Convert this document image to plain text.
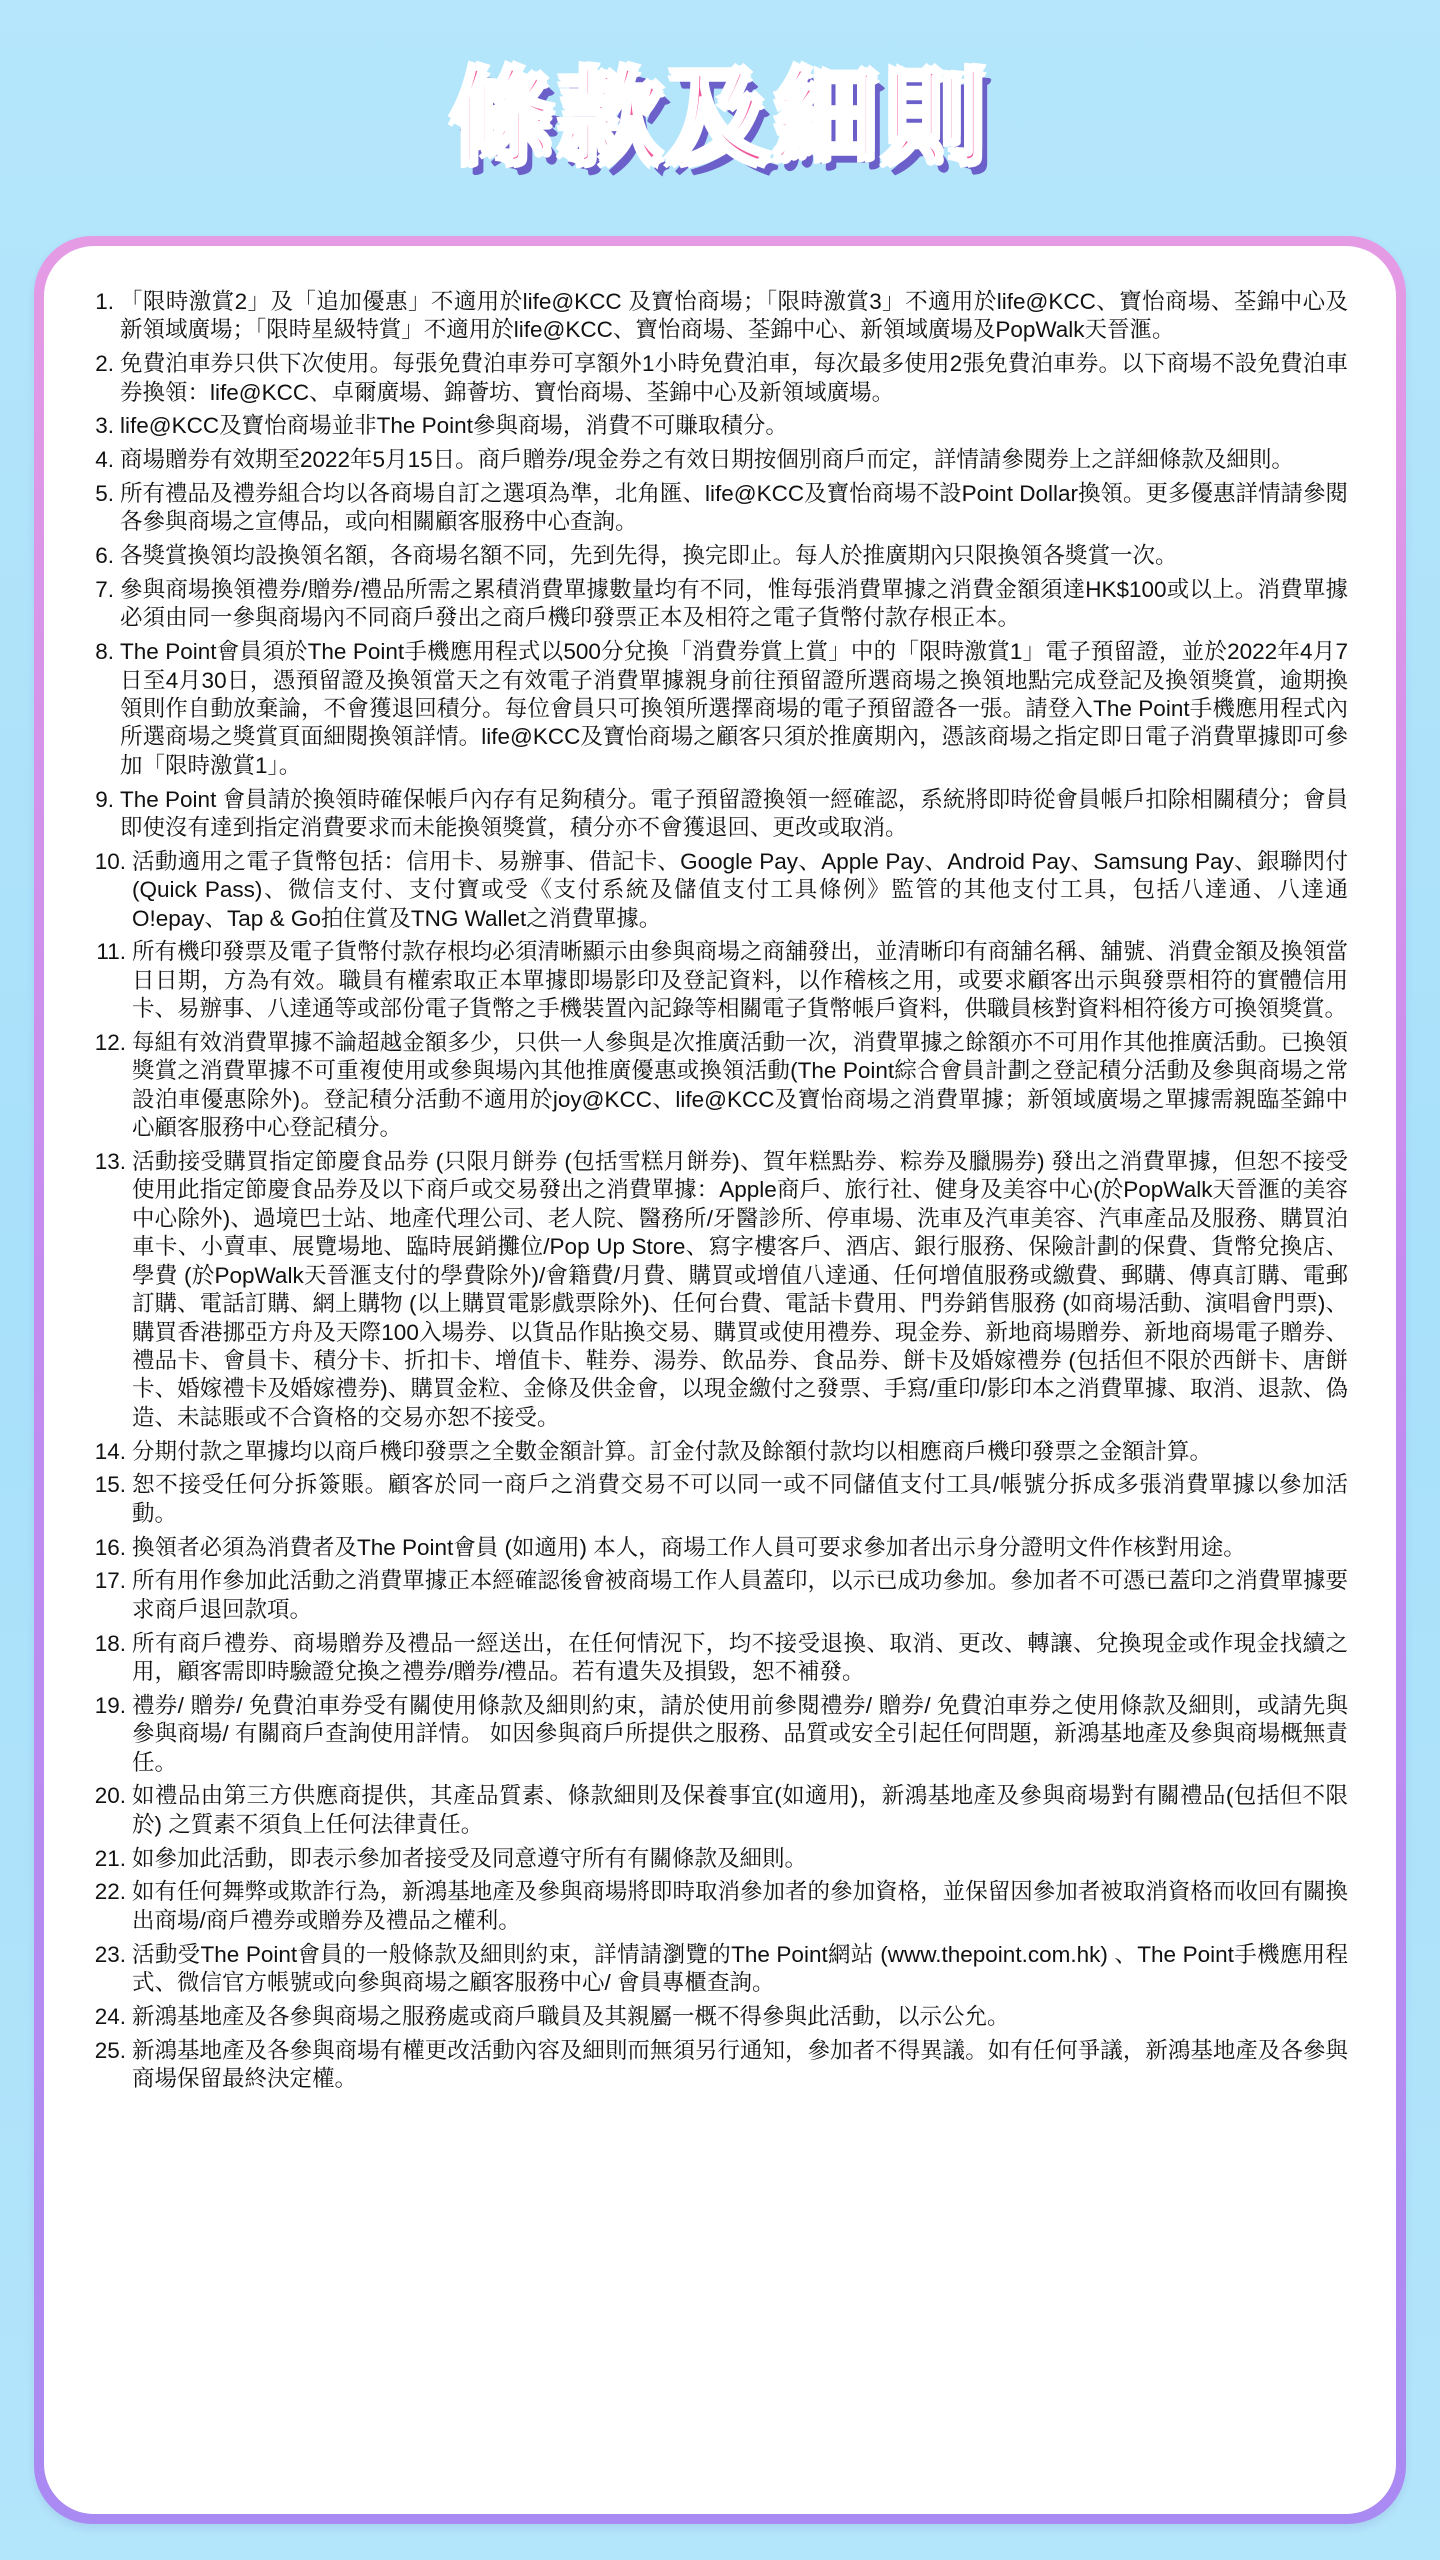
條款及細則
1. 「限時激賞2」及「追加優惠」不適用於life@KCC 及寶怡商場；「限時激賞3」不適用於life@KCC、寶怡商場、荃錦中心及新領域廣場；「限時星級特賞」不適用於life@KCC、寶怡商場、荃錦中心、新領域廣場及PopWalk天晉滙。
2. 免費泊車券只供下次使用。每張免費泊車券可享額外1小時免費泊車，每次最多使用2張免費泊車券。以下商場不設免費泊車券換領：life@KCC、卓爾廣場、錦薈坊、寶怡商場、荃錦中心及新領域廣場。
3. life@KCC及寶怡商場並非The Point參與商場，消費不可賺取積分。
4. 商場贈券有效期至2022年5月15日。商戶贈券/現金券之有效日期按個別商戶而定，詳情請參閱券上之詳細條款及細則。
5. 所有禮品及禮券組合均以各商場自訂之選項為準，北角匯、life@KCC及寶怡商場不設Point Dollar換領。更多優惠詳情請參閱各參與商場之宣傳品，或向相關顧客服務中心查詢。
6. 各獎賞換領均設換領名額，各商場名額不同，先到先得，換完即止。每人於推廣期內只限換領各獎賞一次。
7. 參與商場換領禮券/贈券/禮品所需之累積消費單據數量均有不同，惟每張消費單據之消費金額須達HK$100或以上。消費單據必須由同一參與商場內不同商戶發出之商戶機印發票正本及相符之電子貨幣付款存根正本。
8. The Point會員須於The Point手機應用程式以500分兌換「消費券賞上賞」中的「限時激賞1」電子預留證，並於2022年4月7日至4月30日，憑預留證及換領當天之有效電子消費單據親身前往預留證所選商場之換領地點完成登記及換領獎賞，逾期換領則作自動放棄論，不會獲退回積分。每位會員只可換領所選擇商場的電子預留證各一張。請登入The Point手機應用程式內所選商場之獎賞頁面細閱換領詳情。life@KCC及寶怡商場之顧客只須於推廣期內，憑該商場之指定即日電子消費單據即可參加「限時激賞1」。
9. The Point 會員請於換領時確保帳戶內存有足夠積分。電子預留證換領一經確認，系統將即時從會員帳戶扣除相關積分；會員即使沒有達到指定消費要求而未能換領獎賞，積分亦不會獲退回、更改或取消。
10. 活動適用之電子貨幣包括：信用卡、易辦事、借記卡、Google Pay、Apple Pay、Android Pay、Samsung Pay、銀聯閃付(Quick Pass)、微信支付、支付寶或受《支付系統及儲值支付工具條例》監管的其他支付工具，包括八達通、八達通O!epay、Tap & Go拍住賞及TNG Wallet之消費單據。
11. 所有機印發票及電子貨幣付款存根均必須清晰顯示由參與商場之商舖發出，並清晰印有商舖名稱、舖號、消費金額及換領當日日期，方為有效。職員有權索取正本單據即場影印及登記資料，以作稽核之用，或要求顧客出示與發票相符的實體信用卡、易辦事、八達通等或部份電子貨幣之手機裝置內記錄等相關電子貨幣帳戶資料，供職員核對資料相符後方可換領獎賞。
12. 每組有效消費單據不論超越金額多少，只供一人參與是次推廣活動一次，消費單據之餘額亦不可用作其他推廣活動。已換領獎賞之消費單據不可重複使用或參與場內其他推廣優惠或換領活動(The Point綜合會員計劃之登記積分活動及參與商場之常設泊車優惠除外)。登記積分活動不適用於joy@KCC、life@KCC及寶怡商場之消費單據；新領域廣場之單據需親臨荃錦中心顧客服務中心登記積分。
13. 活動接受購買指定節慶食品券 (只限月餅券 (包括雪糕月餅券)、賀年糕點券、粽券及臘腸券) 發出之消費單據，但恕不接受使用此指定節慶食品券及以下商戶或交易發出之消費單據：Apple商戶、旅行社、健身及美容中心(於PopWalk天晉滙的美容中心除外)、過境巴士站、地產代理公司、老人院、醫務所/牙醫診所、停車場、洗車及汽車美容、汽車產品及服務、購買泊車卡、小賣車、展覽場地、臨時展銷攤位/Pop Up Store、寫字樓客戶、酒店、銀行服務、保險計劃的保費、貨幣兌換店、學費 (於PopWalk天晉滙支付的學費除外)/會籍費/月費、購買或增值八達通、任何增值服務或繳費、郵購、傳真訂購、電郵訂購、電話訂購、網上購物 (以上購買電影戲票除外)、任何台費、電話卡費用、門券銷售服務 (如商場活動、演唱會門票)、購買香港挪亞方舟及天際100入場券、以貨品作貼換交易、購買或使用禮券、現金券、新地商場贈券、新地商場電子贈券、禮品卡、會員卡、積分卡、折扣卡、增值卡、鞋券、湯券、飲品券、食品券、餅卡及婚嫁禮券 (包括但不限於西餅卡、唐餅卡、婚嫁禮卡及婚嫁禮券)、購買金粒、金條及供金會，以現金繳付之發票、手寫/重印/影印本之消費單據、取消、退款、偽造、未誌賬或不合資格的交易亦恕不接受。
14. 分期付款之單據均以商戶機印發票之全數金額計算。訂金付款及餘額付款均以相應商戶機印發票之金額計算。
15. 恕不接受任何分拆簽賬。顧客於同一商戶之消費交易不可以同一或不同儲值支付工具/帳號分拆成多張消費單據以參加活動。
16. 換領者必須為消費者及The Point會員 (如適用) 本人，商場工作人員可要求參加者出示身分證明文件作核對用途。
17. 所有用作參加此活動之消費單據正本經確認後會被商場工作人員蓋印，以示已成功參加。參加者不可憑已蓋印之消費單據要求商戶退回款項。
18. 所有商戶禮券、商場贈券及禮品一經送出，在任何情況下，均不接受退換、取消、更改、轉讓、兌換現金或作現金找續之用，顧客需即時驗證兌換之禮券/贈券/禮品。若有遺失及損毀，恕不補發。
19. 禮券/ 贈券/ 免費泊車券受有關使用條款及細則約束，請於使用前參閱禮券/ 贈券/ 免費泊車券之使用條款及細則，或請先與參與商場/ 有關商戶查詢使用詳情。 如因參與商戶所提供之服務、品質或安全引起任何問題，新鴻基地產及參與商場概無責任。
20. 如禮品由第三方供應商提供，其產品質素、條款細則及保養事宜(如適用)，新鴻基地產及參與商場對有關禮品(包括但不限於) 之質素不須負上任何法律責任。
21. 如參加此活動，即表示參加者接受及同意遵守所有有關條款及細則。
22. 如有任何舞弊或欺詐行為，新鴻基地產及參與商場將即時取消參加者的參加資格，並保留因參加者被取消資格而收回有關換出商場/商戶禮券或贈券及禮品之權利。
23. 活動受The Point會員的一般條款及細則約束，詳情請瀏覽的The Point網站 (www.thepoint.com.hk) 、The Point手機應用程式、微信官方帳號或向參與商場之顧客服務中心/ 會員專櫃查詢。
24. 新鴻基地產及各參與商場之服務處或商戶職員及其親屬一概不得參與此活動，以示公允。
25. 新鴻基地產及各參與商場有權更改活動內容及細則而無須另行通知，參加者不得異議。如有任何爭議，新鴻基地產及各參與商場保留最終決定權。
